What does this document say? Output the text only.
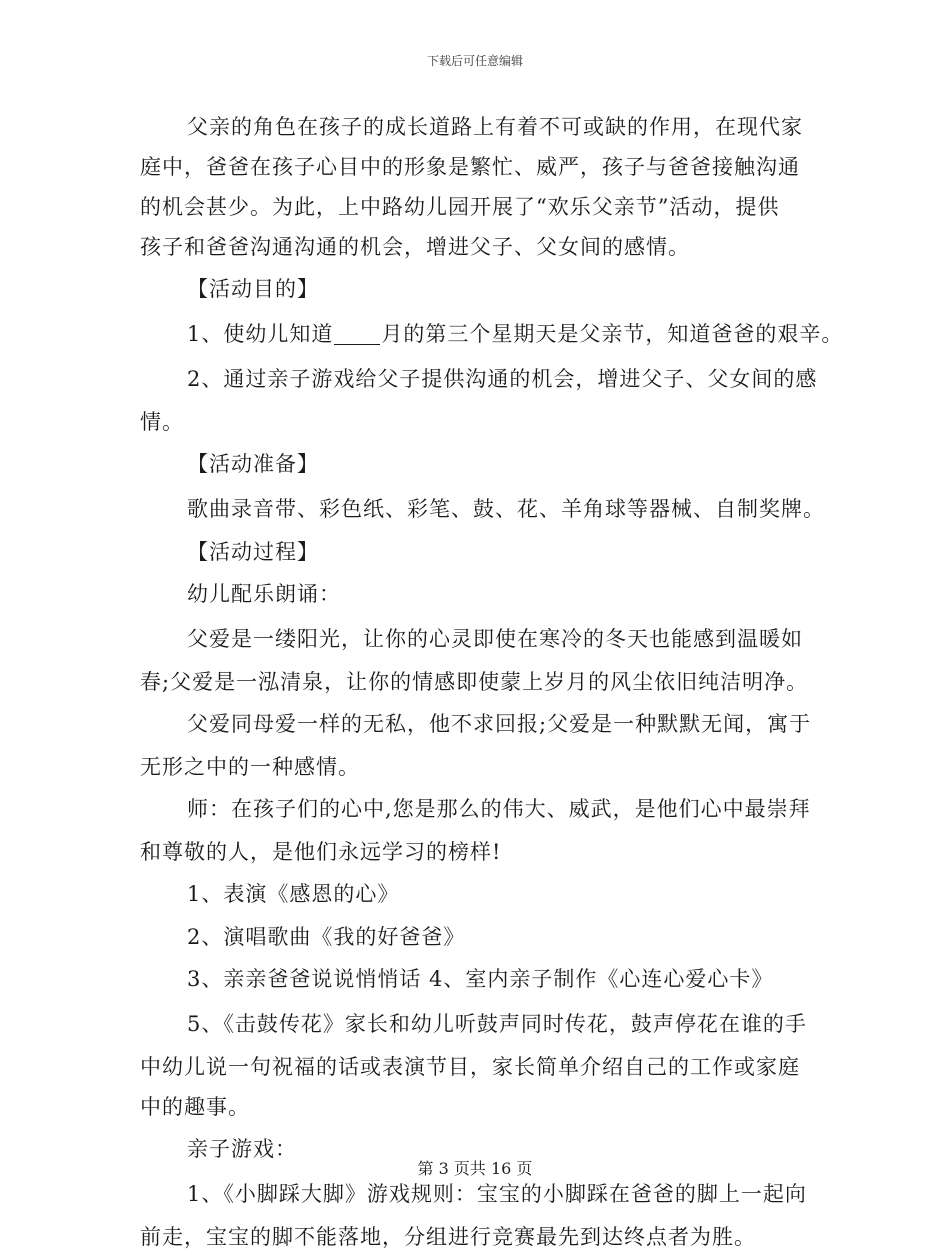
下载后可任意编辑
父亲的角色在孩子的成长道路上有着不可或缺的作用，在现代家
庭中，爸爸在孩子心目中的形象是繁忙、威严，孩子与爸爸接触沟通
的机会甚少。为此，上中路幼儿园开展了“欢乐父亲节”活动，提供
孩子和爸爸沟通沟通的机会，增进父子、父女间的感情。
【活动目的】
1、使幼儿知道 月的第三个星期天是父亲节，知道爸爸的艰辛。
2、通过亲子游戏给父子提供沟通的机会，增进父子、父女间的感
情。
【活动准备】
歌曲录音带、彩色纸、彩笔、鼓、花、羊角球等器械、自制奖牌。
【活动过程】
幼儿配乐朗诵：
父爱是一缕阳光，让你的心灵即使在寒冷的冬天也能感到温暖如
春;父爱是一泓清泉，让你的情感即使蒙上岁月的风尘依旧纯洁明净。
父爱同母爱一样的无私，他不求回报;父爱是一种默默无闻，寓于
无形之中的一种感情。
师：在孩子们的心中,您是那么的伟大、威武，是他们心中最崇拜
和尊敬的人，是他们永远学习的榜样!
1、表演《感恩的心》
2、演唱歌曲《我的好爸爸》
3、亲亲爸爸说说悄悄话 4、室内亲子制作《心连心爱心卡》
5、《击鼓传花》家长和幼儿听鼓声同时传花，鼓声停花在谁的手
中幼儿说一句祝福的话或表演节目，家长简单介绍自己的工作或家庭
中的趣事。
亲子游戏：
1、《小脚踩大脚》游戏规则：宝宝的小脚踩在爸爸的脚上一起向
前走，宝宝的脚不能落地，分组进行竞赛最先到达终点者为胜。
第 3 页共 16 页
